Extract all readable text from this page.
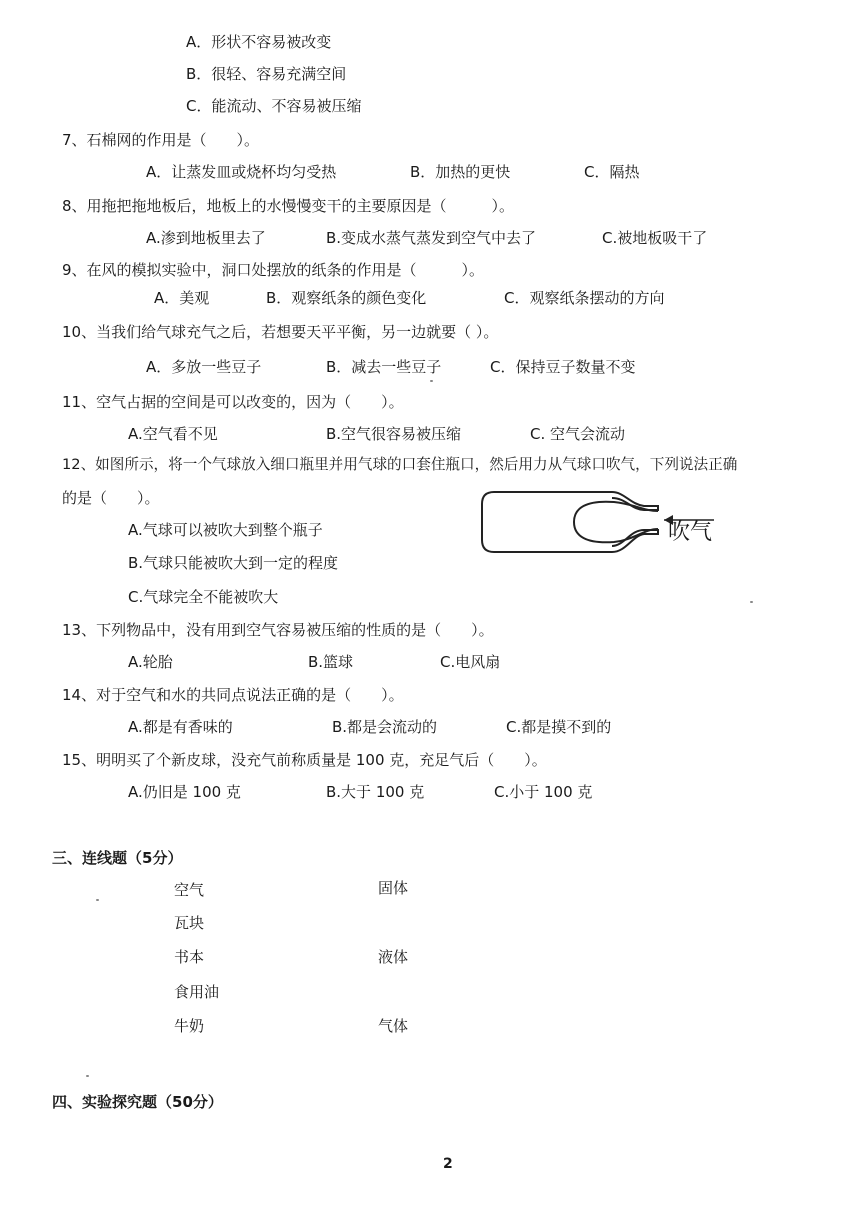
A．形状不容易被改变
B．很轻、容易充满空间
C．能流动、不容易被压缩
7、石棉网的作用是（　　）。
A．让蒸发皿或烧杯均匀受热	B．加热的更快	C．隔热
8、用拖把拖地板后，地板上的水慢慢变干的主要原因是（　　　）。
A.渗到地板里去了	B.变成水蒸气蒸发到空气中去了	C.被地板吸干了
9、在风的模拟实验中，洞口处摆放的纸条的作用是（　　　）。
A．美观	B．观察纸条的颜色变化	C．观察纸条摆动的方向
10、当我们给气球充气之后，若想要天平平衡，另一边就要（ ）。
A．多放一些豆子	B．减去一些豆子	C．保持豆子数量不变
11、空气占据的空间是可以改变的，因为（　　）。
A.空气看不见	B.空气很容易被压缩	C. 空气会流动
12、如图所示，将一个气球放入细口瓶里并用气球的口套住瓶口，然后用力从气球口吹气，下列说法正确
的是（　　）。
A.气球可以被吹大到整个瓶子
B.气球只能被吹大到一定的程度
C.气球完全不能被吹大
吹气
13、下列物品中，没有用到空气容易被压缩的性质的是（　　）。
A.轮胎	B.篮球	C.电风扇
14、对于空气和水的共同点说法正确的是（　　）。
A.都是有香味的	B.都是会流动的	C.都是摸不到的
15、明明买了个新皮球，没充气前称质量是 100 克，充足气后（　　）。
A.仍旧是 100 克	B.大于 100 克	C.小于 100 克
三、连线题（5分）
空气
瓦块
书本
食用油
牛奶
固体
液体
气体
四、实验探究题（50分）
2
